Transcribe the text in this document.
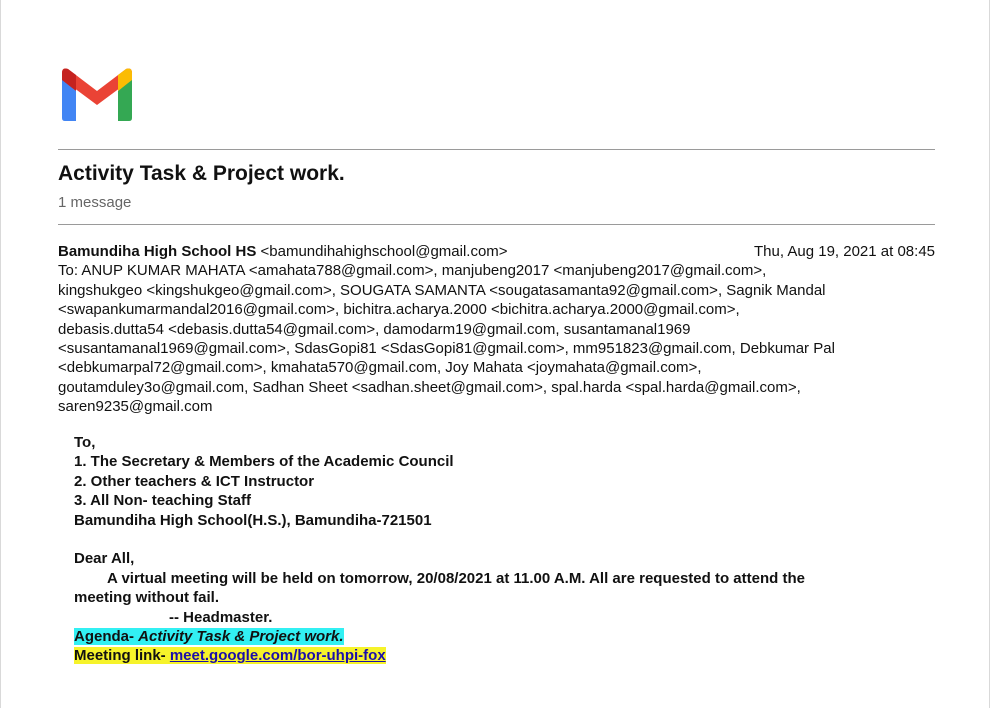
Activity Task & Project work.
1 message
Bamundiha High School HS <bamundihahighschool@gmail.com>	Thu, Aug 19, 2021 at 08:45
To: ANUP KUMAR MAHATA <amahata788@gmail.com>, manjubeng2017 <manjubeng2017@gmail.com>,
kingshukgeo <kingshukgeo@gmail.com>, SOUGATA SAMANTA <sougatasamanta92@gmail.com>, Sagnik Mandal
<swapankumarmandal2016@gmail.com>, bichitra.acharya.2000 <bichitra.acharya.2000@gmail.com>,
debasis.dutta54 <debasis.dutta54@gmail.com>, damodarm19@gmail.com, susantamanal1969
<susantamanal1969@gmail.com>, SdasGopi81 <SdasGopi81@gmail.com>, mm951823@gmail.com, Debkumar Pal
<debkumarpal72@gmail.com>, kmahata570@gmail.com, Joy Mahata <joymahata@gmail.com>,
goutamduley3o@gmail.com, Sadhan Sheet <sadhan.sheet@gmail.com>, spal.harda <spal.harda@gmail.com>,
saren9235@gmail.com
To,
1. The Secretary & Members of the Academic Council
2. Other teachers & ICT Instructor
3. All Non- teaching Staff
Bamundiha High School(H.S.), Bamundiha-721501
Dear All,
A virtual meeting will be held on tomorrow, 20/08/2021 at 11.00 A.M. All are requested to attend the
meeting without fail.
-- Headmaster.
Agenda- Activity Task & Project work.
Meeting link- meet.google.com/bor-uhpi-fox
